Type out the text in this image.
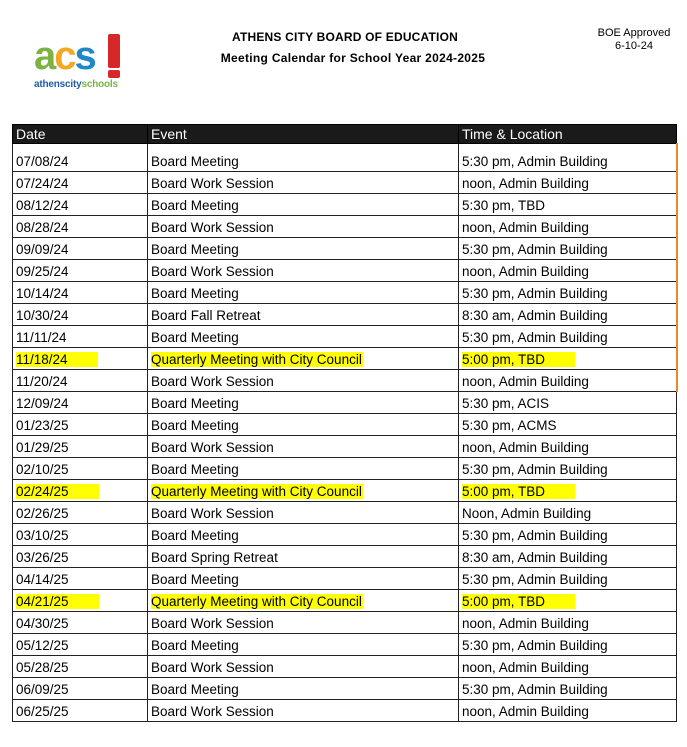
acs
athenscityschools
ATHENS CITY BOARD OF EDUCATION
Meeting Calendar for School Year 2024-2025
BOE Approved
6-10-24
Date	Event	Time & Location
07/08/24	Board Meeting	5:30 pm, Admin Building
07/24/24	Board Work Session	noon, Admin Building
08/12/24	Board Meeting	5:30 pm, TBD
08/28/24	Board Work Session	noon, Admin Building
09/09/24	Board Meeting	5:30 pm, Admin Building
09/25/24	Board Work Session	noon, Admin Building
10/14/24	Board Meeting	5:30 pm, Admin Building
10/30/24	Board Fall Retreat	8:30 am, Admin Building
11/11/24	Board Meeting	5:30 pm, Admin Building
11/18/24	Quarterly Meeting with City Council	5:00 pm, TBD
11/20/24	Board Work Session	noon, Admin Building
12/09/24	Board Meeting	5:30 pm, ACIS
01/23/25	Board Meeting	5:30 pm, ACMS
01/29/25	Board Work Session	noon, Admin Building
02/10/25	Board Meeting	5:30 pm, Admin Building
02/24/25	Quarterly Meeting with City Council	5:00 pm, TBD
02/26/25	Board Work Session	Noon, Admin Building
03/10/25	Board Meeting	5:30 pm, Admin Building
03/26/25	Board Spring Retreat	8:30 am, Admin Building
04/14/25	Board Meeting	5:30 pm, Admin Building
04/21/25	Quarterly Meeting with City Council	5:00 pm, TBD
04/30/25	Board Work Session	noon, Admin Building
05/12/25	Board Meeting	5:30 pm, Admin Building
05/28/25	Board Work Session	noon, Admin Building
06/09/25	Board Meeting	5:30 pm, Admin Building
06/25/25	Board Work Session	noon, Admin Building
